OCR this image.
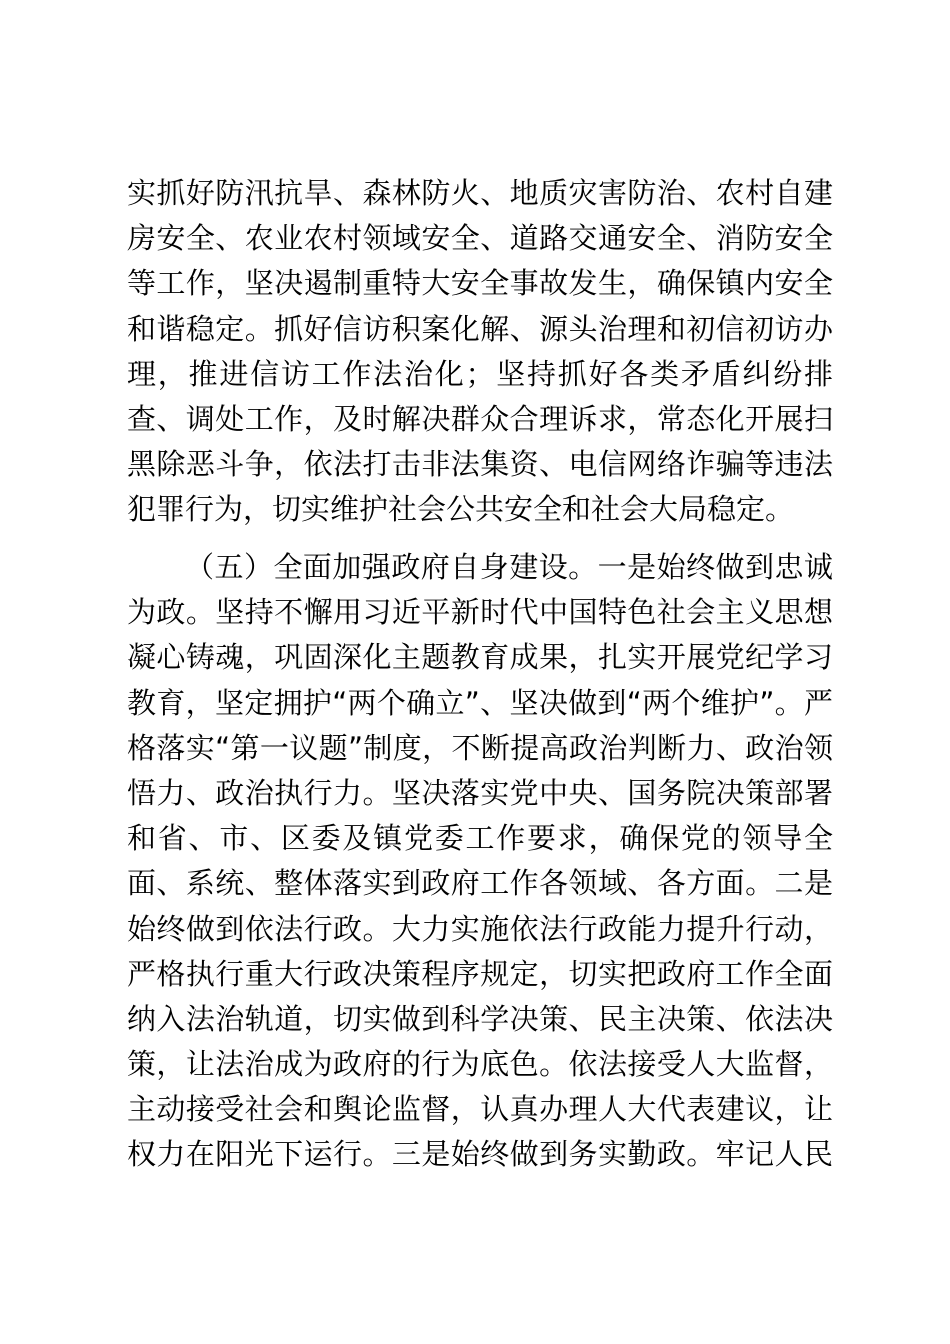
实抓好防汛抗旱、森林防火、地质灾害防治、农村自建
房安全、农业农村领域安全、道路交通安全、消防安全
等工作，坚决遏制重特大安全事故发生，确保镇内安全
和谐稳定。抓好信访积案化解、源头治理和初信初访办
理，推进信访工作法治化；坚持抓好各类矛盾纠纷排
查、调处工作，及时解决群众合理诉求，常态化开展扫
黑除恶斗争，依法打击非法集资、电信网络诈骗等违法
犯罪行为，切实维护社会公共安全和社会大局稳定。
（五）全面加强政府自身建设。一是始终做到忠诚
为政。坚持不懈用习近平新时代中国特色社会主义思想
凝心铸魂，巩固深化主题教育成果，扎实开展党纪学习
教育，坚定拥护“两个确立”、坚决做到“两个维护”。严
格落实“第一议题”制度，不断提高政治判断力、政治领
悟力、政治执行力。坚决落实党中央、国务院决策部署
和省、市、区委及镇党委工作要求，确保党的领导全
面、系统、整体落实到政府工作各领域、各方面。二是
始终做到依法行政。大力实施依法行政能力提升行动，
严格执行重大行政决策程序规定，切实把政府工作全面
纳入法治轨道，切实做到科学决策、民主决策、依法决
策，让法治成为政府的行为底色。依法接受人大监督，
主动接受社会和舆论监督，认真办理人大代表建议，让
权力在阳光下运行。三是始终做到务实勤政。牢记人民
